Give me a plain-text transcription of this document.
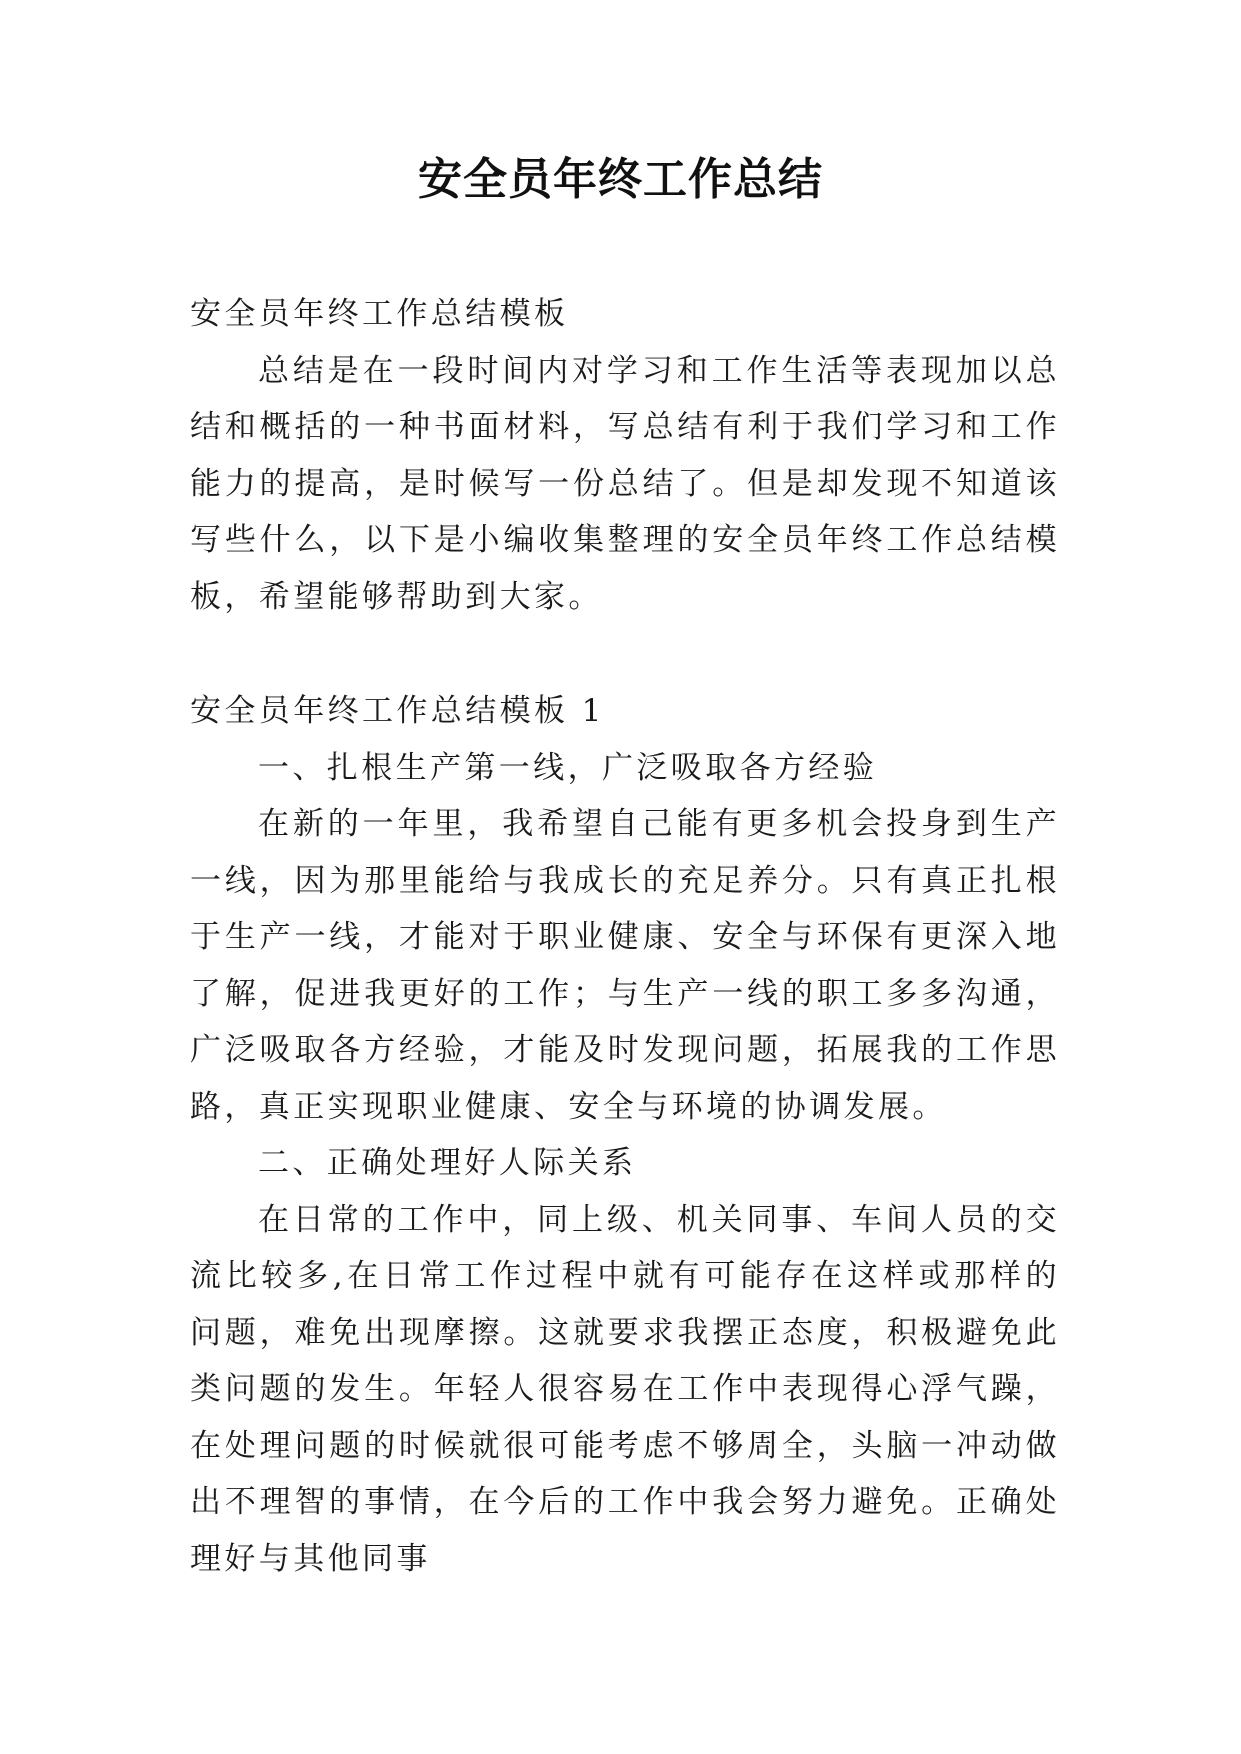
安全员年终工作总结

安全员年终工作总结模板

总结是在一段时间内对学习和工作生活等表现加以总结和概括的一种书面材料，写总结有利于我们学习和工作能力的提高，是时候写一份总结了。但是却发现不知道该写些什么，以下是小编收集整理的安全员年终工作总结模板，希望能够帮助到大家。

安全员年终工作总结模板 1

一、扎根生产第一线，广泛吸取各方经验

在新的一年里，我希望自己能有更多机会投身到生产一线，因为那里能给与我成长的充足养分。只有真正扎根于生产一线，才能对于职业健康、安全与环保有更深入地了解，促进我更好的工作；与生产一线的职工多多沟通，广泛吸取各方经验，才能及时发现问题，拓展我的工作思路，真正实现职业健康、安全与环境的协调发展。

二、正确处理好人际关系

在日常的工作中，同上级、机关同事、车间人员的交流比较多,在日常工作过程中就有可能存在这样或那样的问题，难免出现摩擦。这就要求我摆正态度，积极避免此类问题的发生。年轻人很容易在工作中表现得心浮气躁，在处理问题的时候就很可能考虑不够周全，头脑一冲动做出不理智的事情，在今后的工作中我会努力避免。正确处理好与其他同事
